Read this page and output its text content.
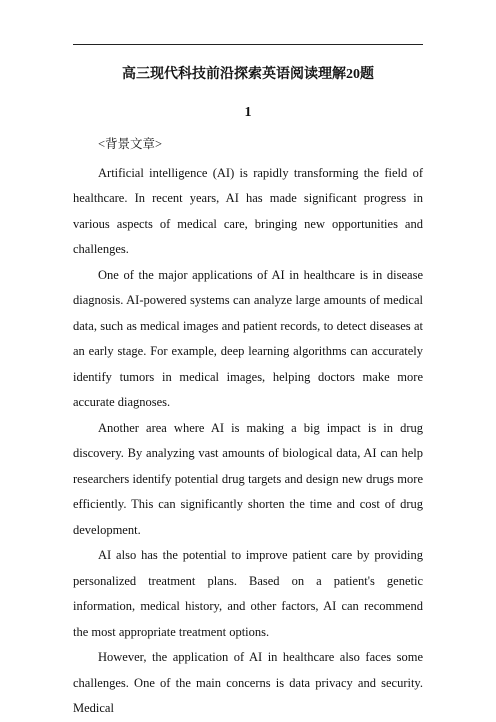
高三现代科技前沿探索英语阅读理解20题

1

<背景文章>

Artificial intelligence (AI) is rapidly transforming the field of healthcare. In recent years, AI has made significant progress in various aspects of medical care, bringing new opportunities and challenges.

One of the major applications of AI in healthcare is in disease diagnosis. AI-powered systems can analyze large amounts of medical data, such as medical images and patient records, to detect diseases at an early stage. For example, deep learning algorithms can accurately identify tumors in medical images, helping doctors make more accurate diagnoses.

Another area where AI is making a big impact is in drug discovery. By analyzing vast amounts of biological data, AI can help researchers identify potential drug targets and design new drugs more efficiently. This can significantly shorten the time and cost of drug development.

AI also has the potential to improve patient care by providing personalized treatment plans. Based on a patient's genetic information, medical history, and other factors, AI can recommend the most appropriate treatment options.

However, the application of AI in healthcare also faces some challenges. One of the main concerns is data privacy and security. Medical
